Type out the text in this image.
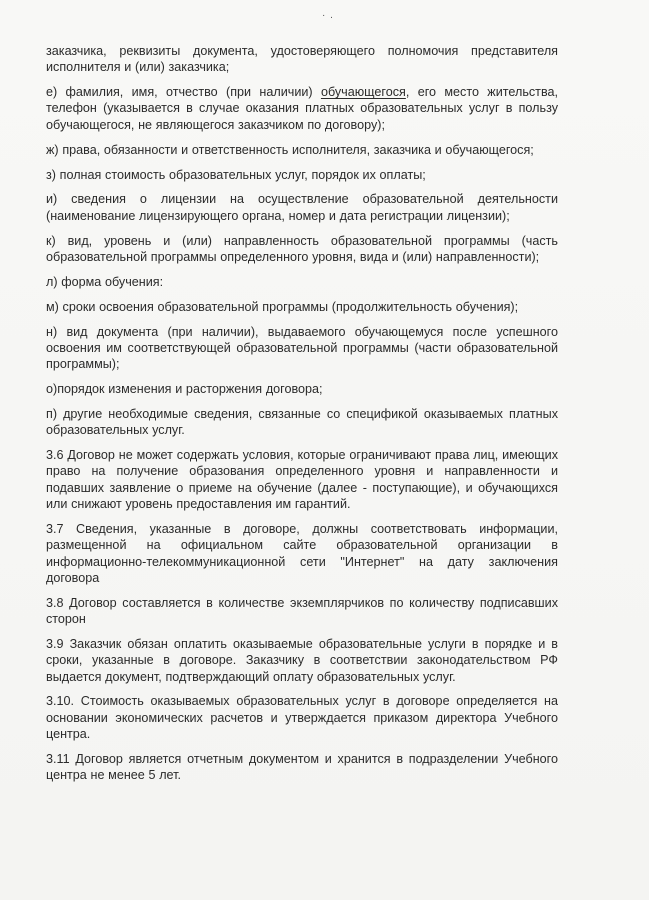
· .

заказчика, реквизиты документа, удостоверяющего полномочия представителя исполнителя и (или) заказчика;

е) фамилия, имя, отчество (при наличии) обучающегося, его место жительства, телефон (указывается в случае оказания платных образовательных услуг в пользу обучающегося, не являющегося заказчиком по договору);

ж) права, обязанности и ответственность исполнителя, заказчика и обучающегося;

з) полная стоимость образовательных услуг, порядок их оплаты;

и) сведения о лицензии на осуществление образовательной деятельности (наименование лицензирующего органа, номер и дата регистрации лицензии);

к) вид, уровень и (или) направленность образовательной программы (часть образовательной программы определенного уровня, вида и (или) направленности);

л) форма обучения:

м) сроки освоения образовательной программы (продолжительность обучения);

н) вид документа (при наличии), выдаваемого обучающемуся после успешного освоения им соответствующей образовательной программы (части образовательной программы);

о)порядок изменения и расторжения договора;

п) другие необходимые сведения, связанные со спецификой оказываемых платных образовательных услуг.

3.6 Договор не может содержать условия, которые ограничивают права лиц, имеющих право на получение образования определенного уровня и направленности и подавших заявление о приеме на обучение (далее - поступающие), и обучающихся или снижают уровень предоставления им гарантий.

3.7 Сведения, указанные в договоре, должны соответствовать информации, размещенной на официальном сайте образовательной организации в информационно-телекоммуникационной сети "Интернет" на дату заключения договора

3.8 Договор составляется в количестве экземплярчиков по количеству подписавших сторон

3.9 Заказчик обязан оплатить оказываемые образовательные услуги в порядке и в сроки, указанные в договоре. Заказчику в соответствии законодательством РФ выдается документ, подтверждающий оплату образовательных услуг.

3.10. Стоимость оказываемых образовательных услуг в договоре определяется на основании экономических расчетов и утверждается приказом директора Учебного центра.

3.11 Договор является отчетным документом и хранится в подразделении Учебного центра не менее 5 лет.
